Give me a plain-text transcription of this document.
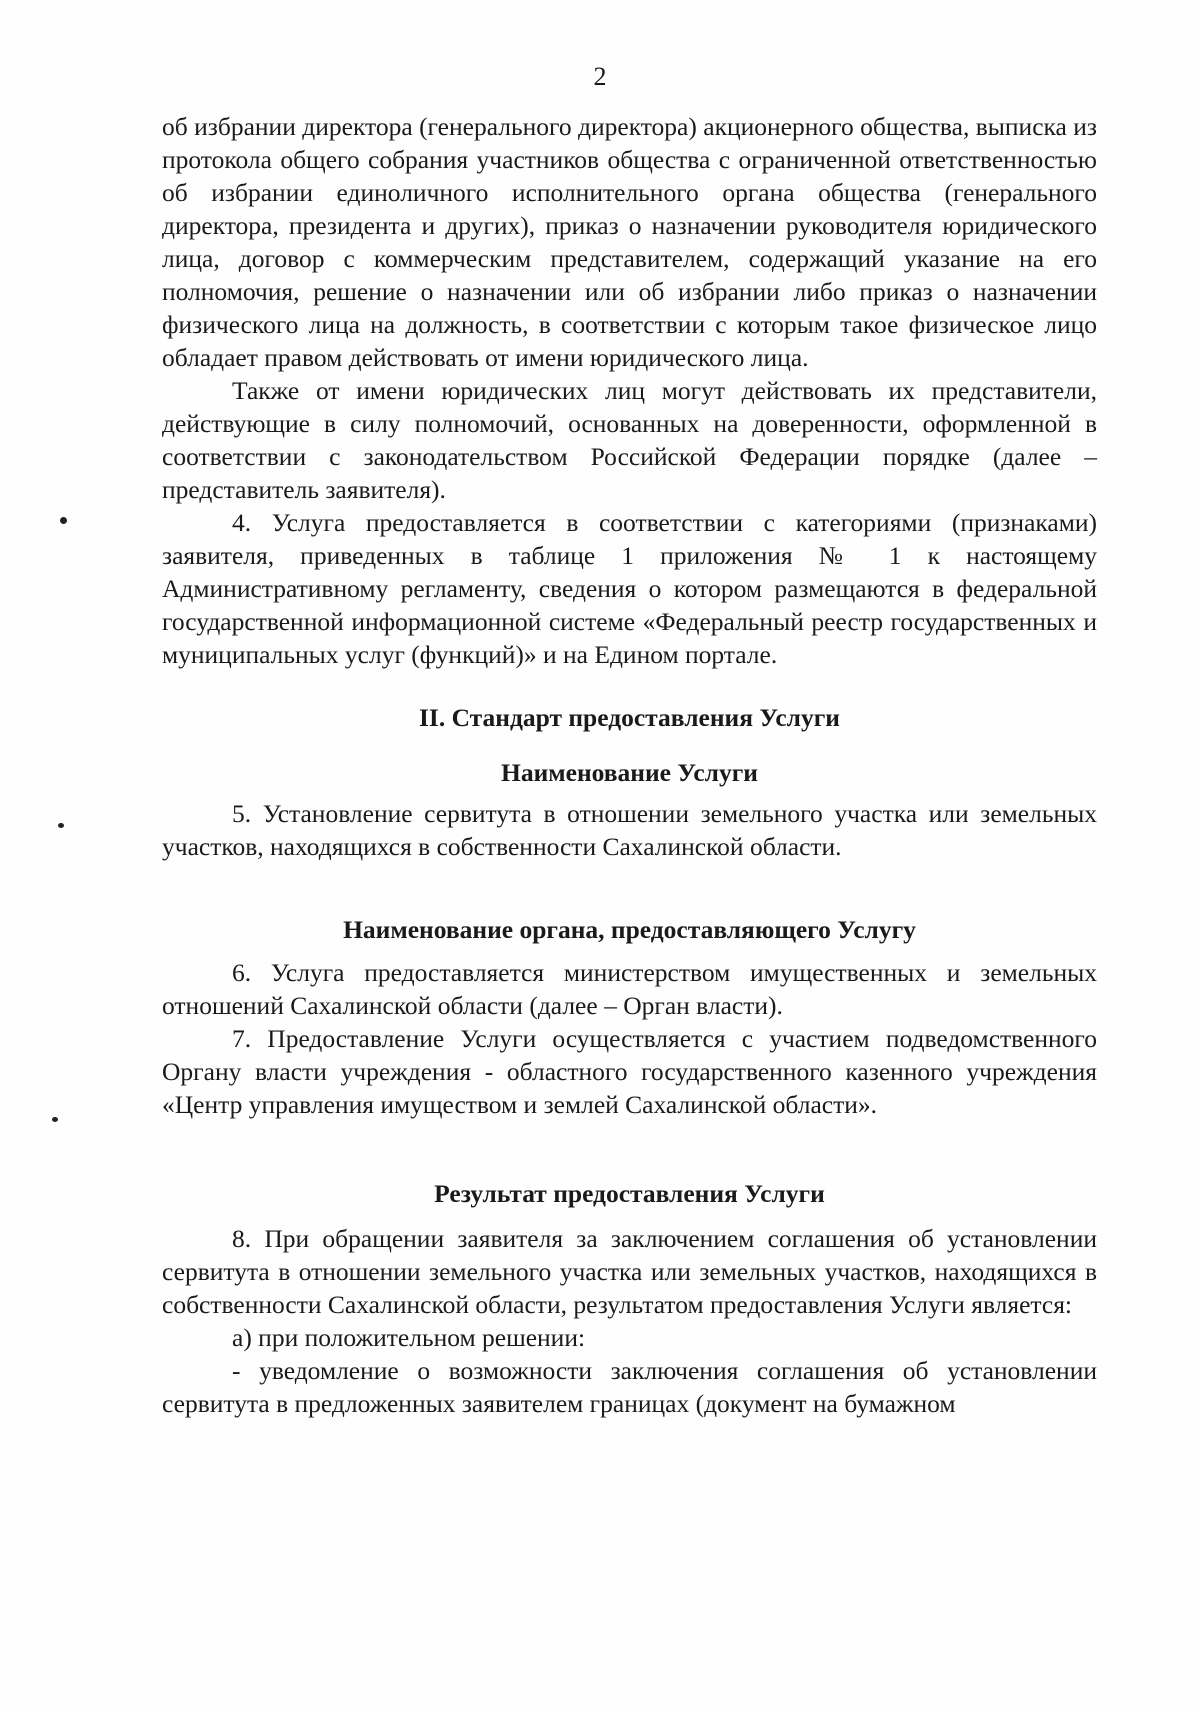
2

об избрании директора (генерального директора) акционерного общества, выписка из протокола общего собрания участников общества с ограниченной ответственностью об избрании единоличного исполнительного органа общества (генерального директора, президента и других), приказ о назначении руководителя юридического лица, договор с коммерческим представителем, содержащий указание на его полномочия, решение о назначении или об избрании либо приказ о назначении физического лица на должность, в соответствии с которым такое физическое лицо обладает правом действовать от имени юридического лица.

Также от имени юридических лиц могут действовать их представители, действующие в силу полномочий, основанных на доверенности, оформленной в соответствии с законодательством Российской Федерации порядке (далее – представитель заявителя).

4. Услуга предоставляется в соответствии с категориями (признаками) заявителя, приведенных в таблице 1 приложения № 1 к настоящему Административному регламенту, сведения о котором размещаются в федеральной государственной информационной системе «Федеральный реестр государственных и муниципальных услуг (функций)» и на Едином портале.

II. Стандарт предоставления Услуги

Наименование Услуги

5. Установление сервитута в отношении земельного участка или земельных участков, находящихся в собственности Сахалинской области.

Наименование органа, предоставляющего Услугу

6. Услуга предоставляется министерством имущественных и земельных отношений Сахалинской области (далее – Орган власти).

7. Предоставление Услуги осуществляется с участием подведомственного Органу власти учреждения - областного государственного казенного учреждения «Центр управления имуществом и землей Сахалинской области».

Результат предоставления Услуги

8. При обращении заявителя за заключением соглашения об установлении сервитута в отношении земельного участка или земельных участков, находящихся в собственности Сахалинской области, результатом предоставления Услуги является:

а) при положительном решении:

- уведомление о возможности заключения соглашения об установлении сервитута в предложенных заявителем границах (документ на бумажном
